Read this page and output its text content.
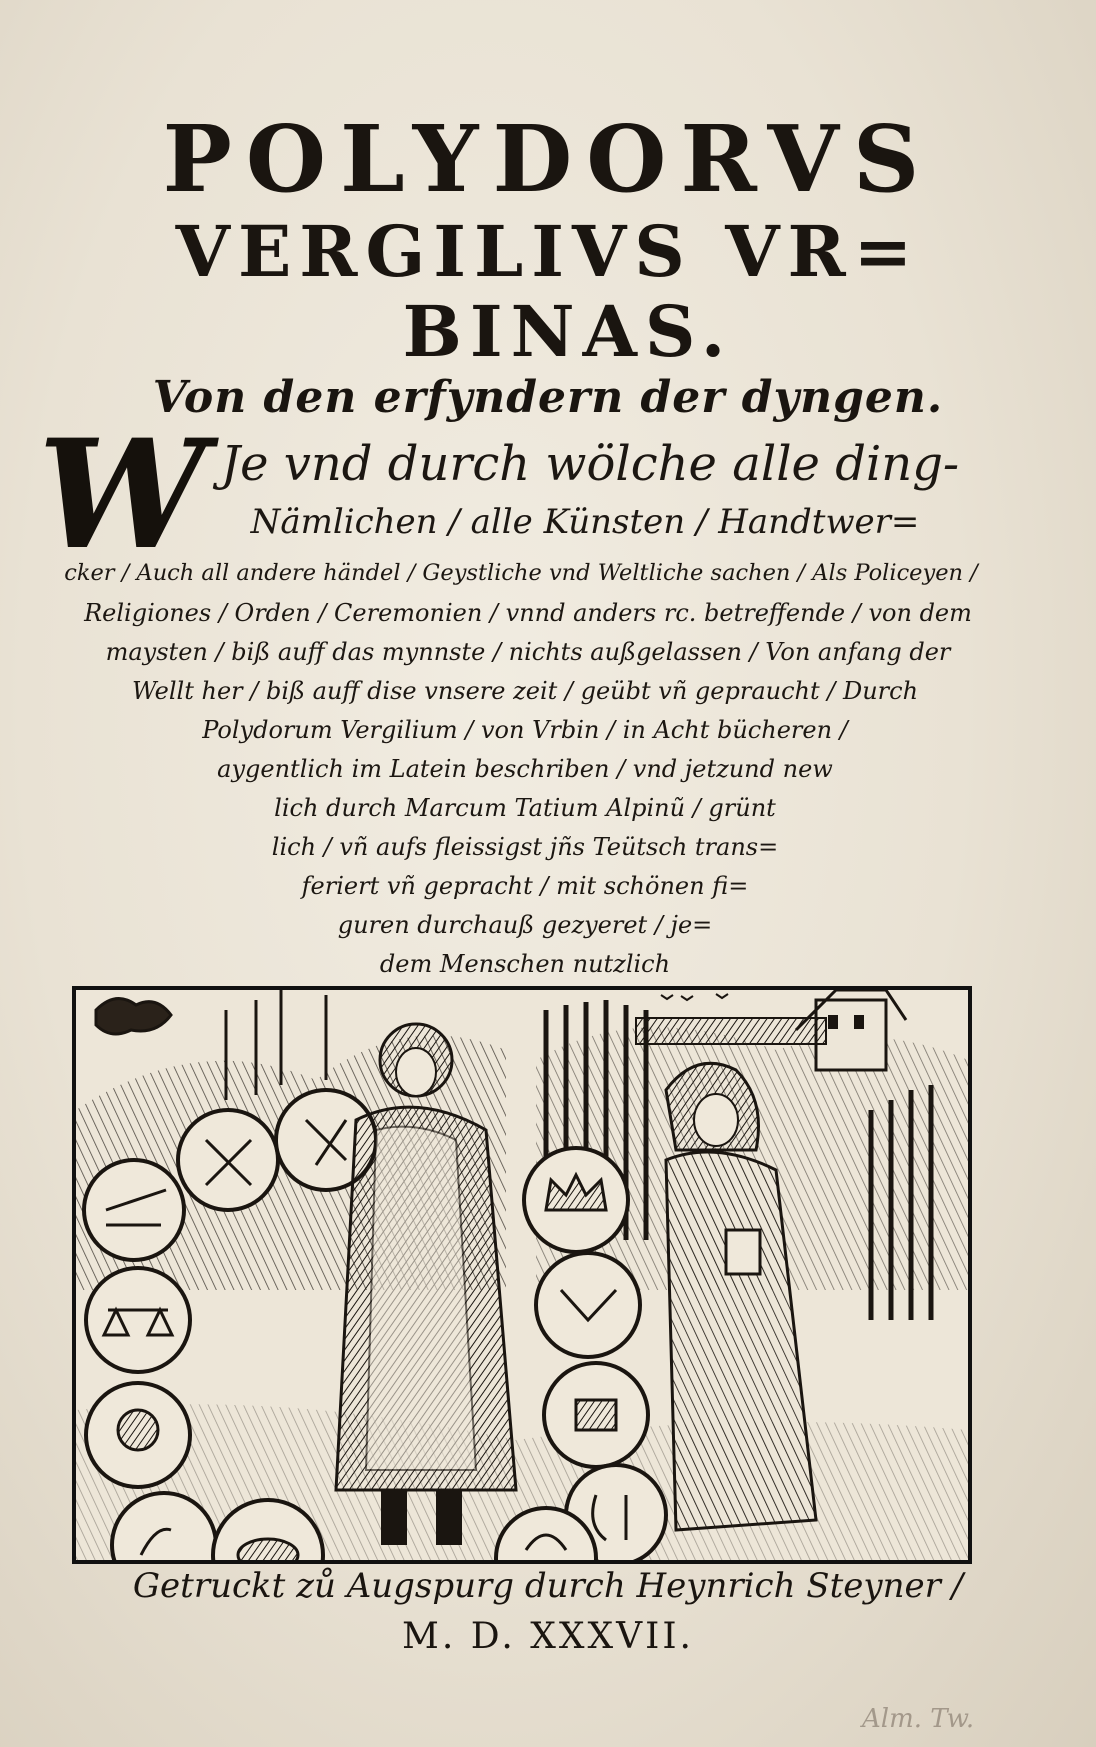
POLYDORVS
VERGILIVS VR=
BINAS.
Von den erfyndern der dyngen.
W Je vnd durch wölche alle ding-
Nämlichen / alle Künsten / Handtwer=
cker / Auch all andere händel / Geystliche vnd Weltliche sachen / Als Policeyen /
Religiones / Orden / Ceremonien / vnnd anders rc. betreffende / von dem
maysten / biß auff das mynnste / nichts außgelassen / Von anfang der
Wellt her / biß auff dise vnsere zeit / geübt vñ gepraucht / Durch
Polydorum Vergilium / von Vrbin / in Acht bücheren /
aygentlich im Latein beschriben / vnd jetzund new
lich durch Marcum Tatium Alpinũ / grünt
lich / vñ aufs fleissigst jñs Teütsch trans=
feriert vñ gepracht / mit schönen fi=
guren durchauß gezyeret / je=
dem Menschen nutzlich
Getruckt zů Augspurg durch Heynrich Steyner /
M. D. XXXVII.
Alm. Tw.
